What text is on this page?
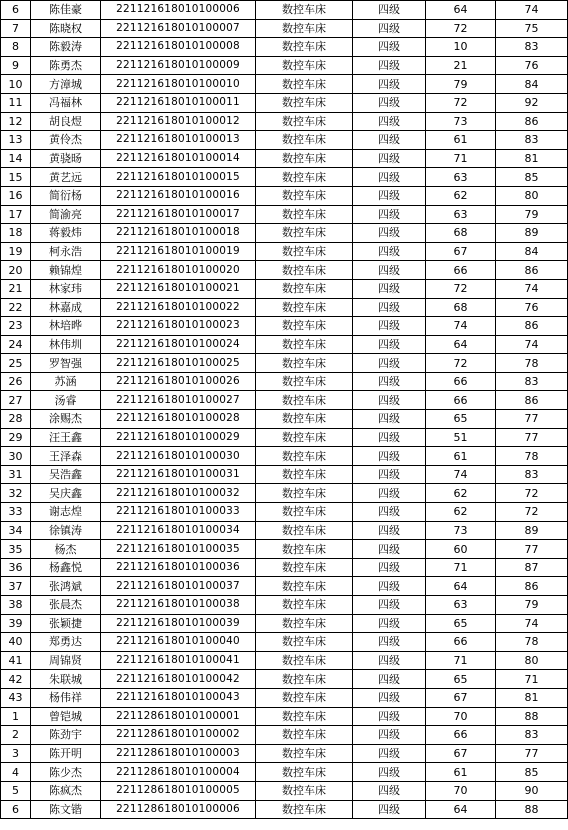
6	陈佳豪	221121618010100006	数控车床	四级	64	74
7	陈晓权	221121618010100007	数控车床	四级	72	75
8	陈毅涛	221121618010100008	数控车床	四级	10	83
9	陈勇杰	221121618010100009	数控车床	四级	21	76
10	方漳城	221121618010100010	数控车床	四级	79	84
11	冯福林	221121618010100011	数控车床	四级	72	92
12	胡良煜	221121618010100012	数控车床	四级	73	86
13	黄伶杰	221121618010100013	数控车床	四级	61	83
14	黄骁旸	221121618010100014	数控车床	四级	71	81
15	黄艺远	221121618010100015	数控车床	四级	63	85
16	简衍杨	221121618010100016	数控车床	四级	62	80
17	简渝亮	221121618010100017	数控车床	四级	63	79
18	蒋毅炜	221121618010100018	数控车床	四级	68	89
19	柯永浩	221121618010100019	数控车床	四级	67	84
20	赖锦煌	221121618010100020	数控车床	四级	66	86
21	林家玮	221121618010100021	数控车床	四级	72	74
22	林嘉成	221121618010100022	数控车床	四级	68	76
23	林培晔	221121618010100023	数控车床	四级	74	86
24	林伟圳	221121618010100024	数控车床	四级	64	74
25	罗智强	221121618010100025	数控车床	四级	72	78
26	苏涵	221121618010100026	数控车床	四级	66	83
27	汤睿	221121618010100027	数控车床	四级	66	86
28	涂赐杰	221121618010100028	数控车床	四级	65	77
29	汪王鑫	221121618010100029	数控车床	四级	51	77
30	王泽森	221121618010100030	数控车床	四级	61	78
31	吴浩鑫	221121618010100031	数控车床	四级	74	83
32	吴庆鑫	221121618010100032	数控车床	四级	62	72
33	谢志煌	221121618010100033	数控车床	四级	62	72
34	徐镇涛	221121618010100034	数控车床	四级	73	89
35	杨杰	221121618010100035	数控车床	四级	60	77
36	杨鑫悦	221121618010100036	数控车床	四级	71	87
37	张鸿斌	221121618010100037	数控车床	四级	64	86
38	张晨杰	221121618010100038	数控车床	四级	63	79
39	张颖捷	221121618010100039	数控车床	四级	65	74
40	郑勇达	221121618010100040	数控车床	四级	66	78
41	周锦贤	221121618010100041	数控车床	四级	71	80
42	朱联城	221121618010100042	数控车床	四级	65	71
43	杨伟祥	221121618010100043	数控车床	四级	67	81
1	曾铠城	221128618010100001	数控车床	四级	70	88
2	陈劲宇	221128618010100002	数控车床	四级	66	83
3	陈开明	221128618010100003	数控车床	四级	67	77
4	陈少杰	221128618010100004	数控车床	四级	61	85
5	陈疯杰	221128618010100005	数控车床	四级	70	90
6	陈文锴	221128618010100006	数控车床	四级	64	88
